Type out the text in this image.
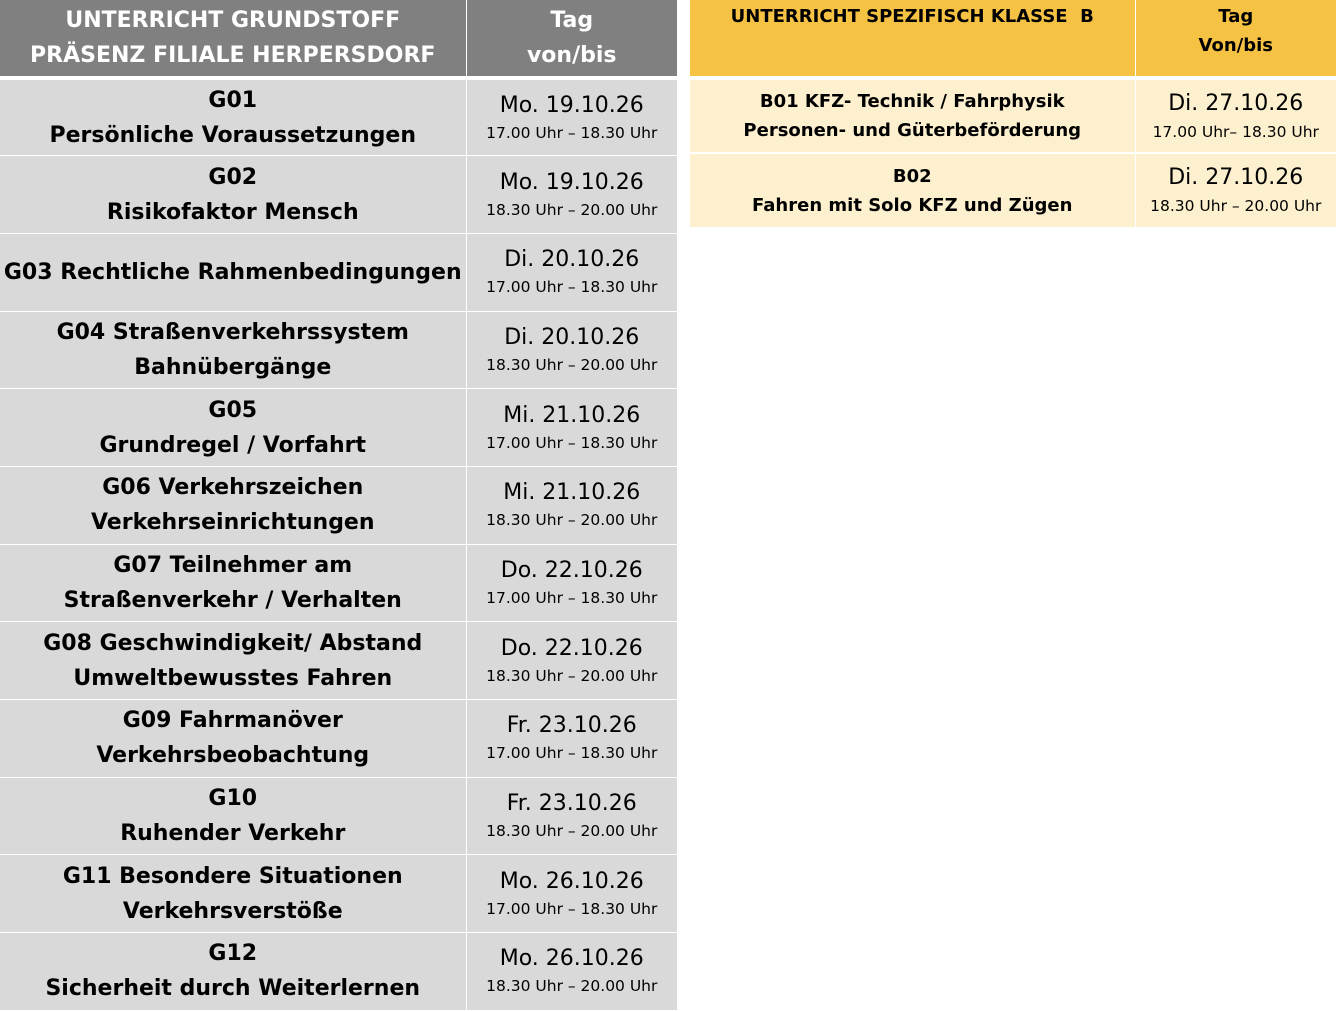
UNTERRICHT GRUNDSTOFF
PRÄSENZ FILIALE HERPERSDORF	Tag
von/bis

G01
Persönliche Voraussetzungen	Mo. 19.10.26
17.00 Uhr – 18.30 Uhr

G02
Risikofaktor Mensch	Mo. 19.10.26
18.30 Uhr – 20.00 Uhr

G03 Rechtliche Rahmenbedingungen	Di. 20.10.26
17.00 Uhr – 18.30 Uhr

G04 Straßenverkehrssystem
Bahnübergänge	Di. 20.10.26
18.30 Uhr – 20.00 Uhr

G05
Grundregel / Vorfahrt	Mi. 21.10.26
17.00 Uhr – 18.30 Uhr

G06 Verkehrszeichen
Verkehrseinrichtungen	Mi. 21.10.26
18.30 Uhr – 20.00 Uhr

G07 Teilnehmer am
Straßenverkehr / Verhalten	Do. 22.10.26
17.00 Uhr – 18.30 Uhr

G08 Geschwindigkeit/ Abstand
Umweltbewusstes Fahren	Do. 22.10.26
18.30 Uhr – 20.00 Uhr

G09 Fahrmanöver
Verkehrsbeobachtung	Fr. 23.10.26
17.00 Uhr – 18.30 Uhr

G10
Ruhender Verkehr	Fr. 23.10.26
18.30 Uhr – 20.00 Uhr

G11 Besondere Situationen
Verkehrsverstöße	Mo. 26.10.26
17.00 Uhr – 18.30 Uhr

G12
Sicherheit durch Weiterlernen	Mo. 26.10.26
18.30 Uhr – 20.00 Uhr
UNTERRICHT SPEZIFISCH KLASSE  B	Tag
Von/bis

B01 KFZ- Technik / Fahrphysik
Personen- und Güterbeförderung	Di. 27.10.26
17.00 Uhr– 18.30 Uhr

B02
Fahren mit Solo KFZ und Zügen	Di. 27.10.26
18.30 Uhr – 20.00 Uhr
